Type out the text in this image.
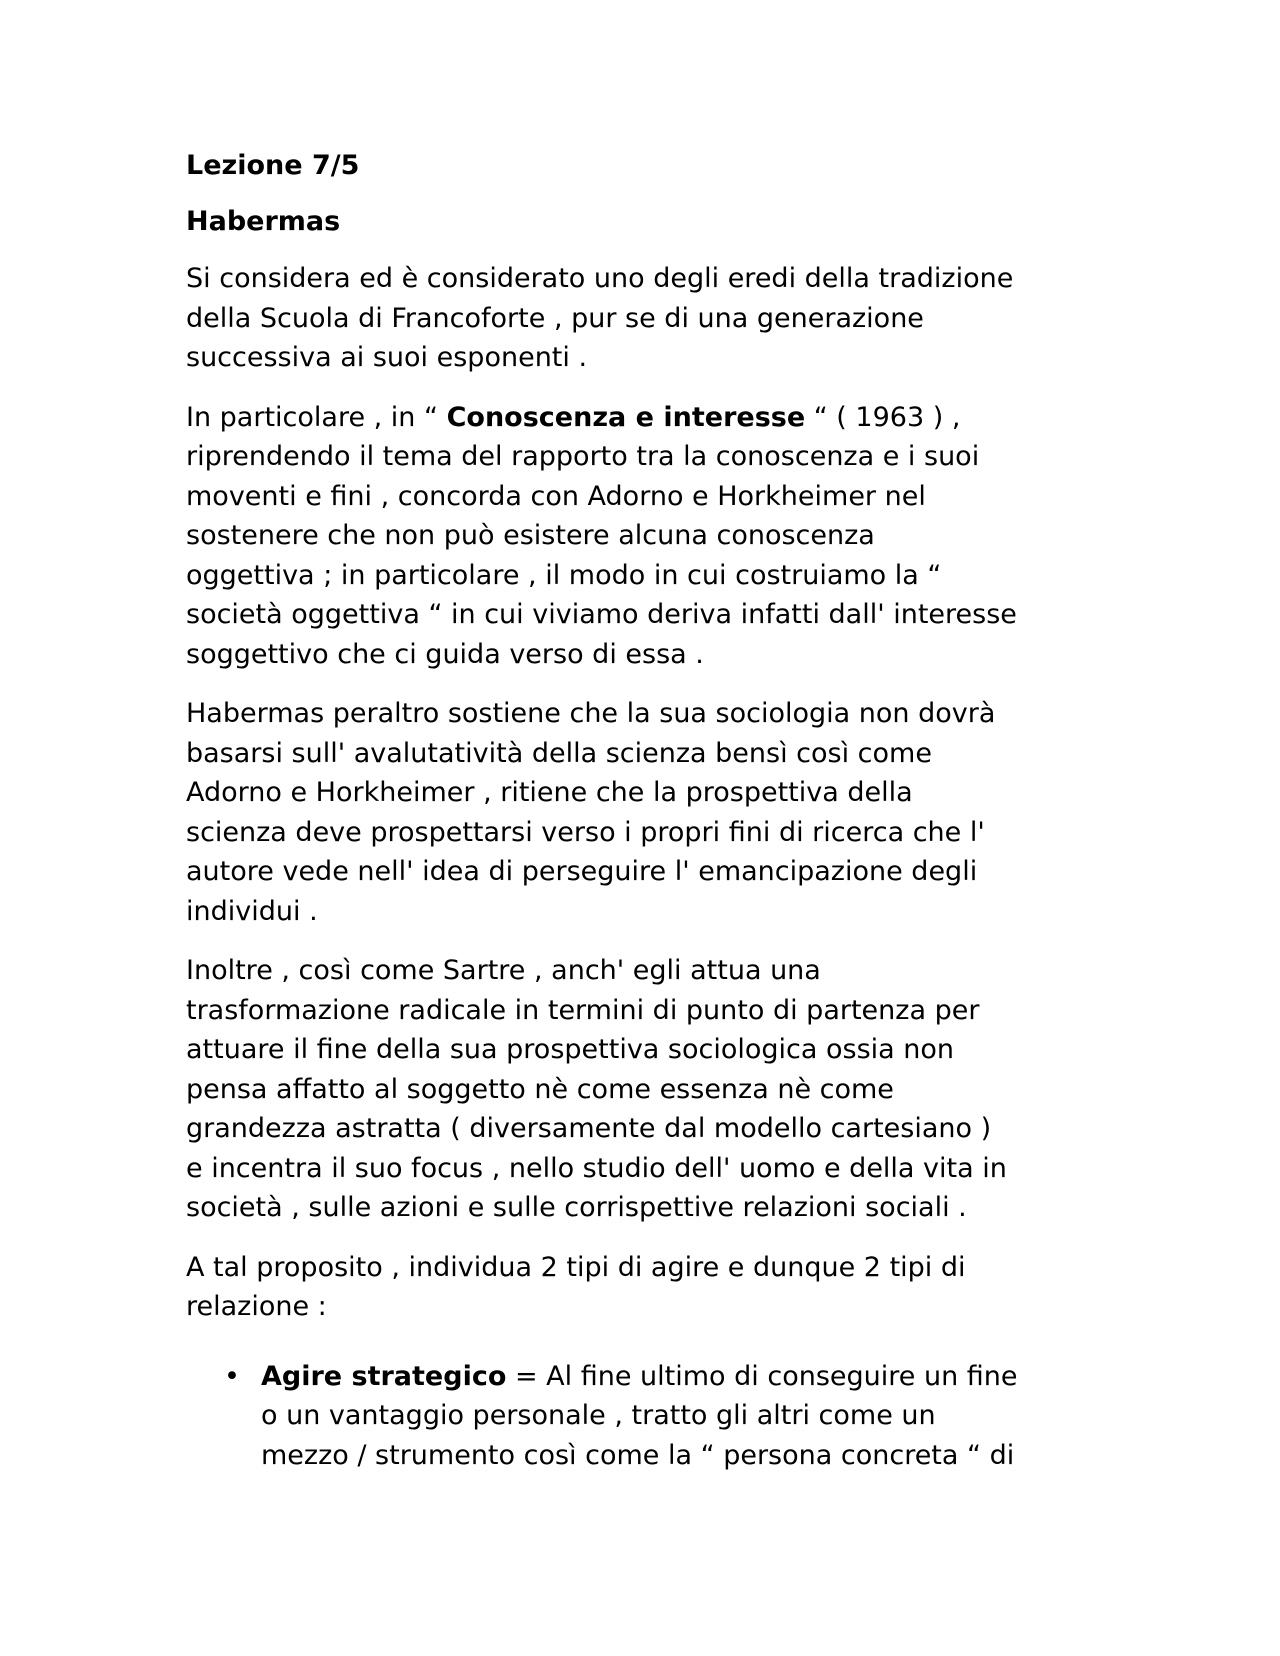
Lezione 7/5
Habermas

Si considera ed è considerato uno degli eredi della tradizione
della Scuola di Francoforte , pur se di una generazione
successiva ai suoi esponenti .

In particolare , in “ Conoscenza e interesse “ ( 1963 ) ,
riprendendo il tema del rapporto tra la conoscenza e i suoi
moventi e fini , concorda con Adorno e Horkheimer nel
sostenere che non può esistere alcuna conoscenza
oggettiva ; in particolare , il modo in cui costruiamo la “
società oggettiva “ in cui viviamo deriva infatti dall' interesse
soggettivo che ci guida verso di essa .

Habermas peraltro sostiene che la sua sociologia non dovrà
basarsi sull' avalutatività della scienza bensì così come
Adorno e Horkheimer , ritiene che la prospettiva della
scienza deve prospettarsi verso i propri fini di ricerca che l'
autore vede nell' idea di perseguire l' emancipazione degli
individui .

Inoltre , così come Sartre , anch' egli attua una
trasformazione radicale in termini di punto di partenza per
attuare il fine della sua prospettiva sociologica ossia non
pensa affatto al soggetto nè come essenza nè come
grandezza astratta ( diversamente dal modello cartesiano )
e incentra il suo focus , nello studio dell' uomo e della vita in
società , sulle azioni e sulle corrispettive relazioni sociali .

A tal proposito , individua 2 tipi di agire e dunque 2 tipi di
relazione :

• Agire strategico = Al fine ultimo di conseguire un fine
o un vantaggio personale , tratto gli altri come un
mezzo / strumento così come la “ persona concreta “ di
